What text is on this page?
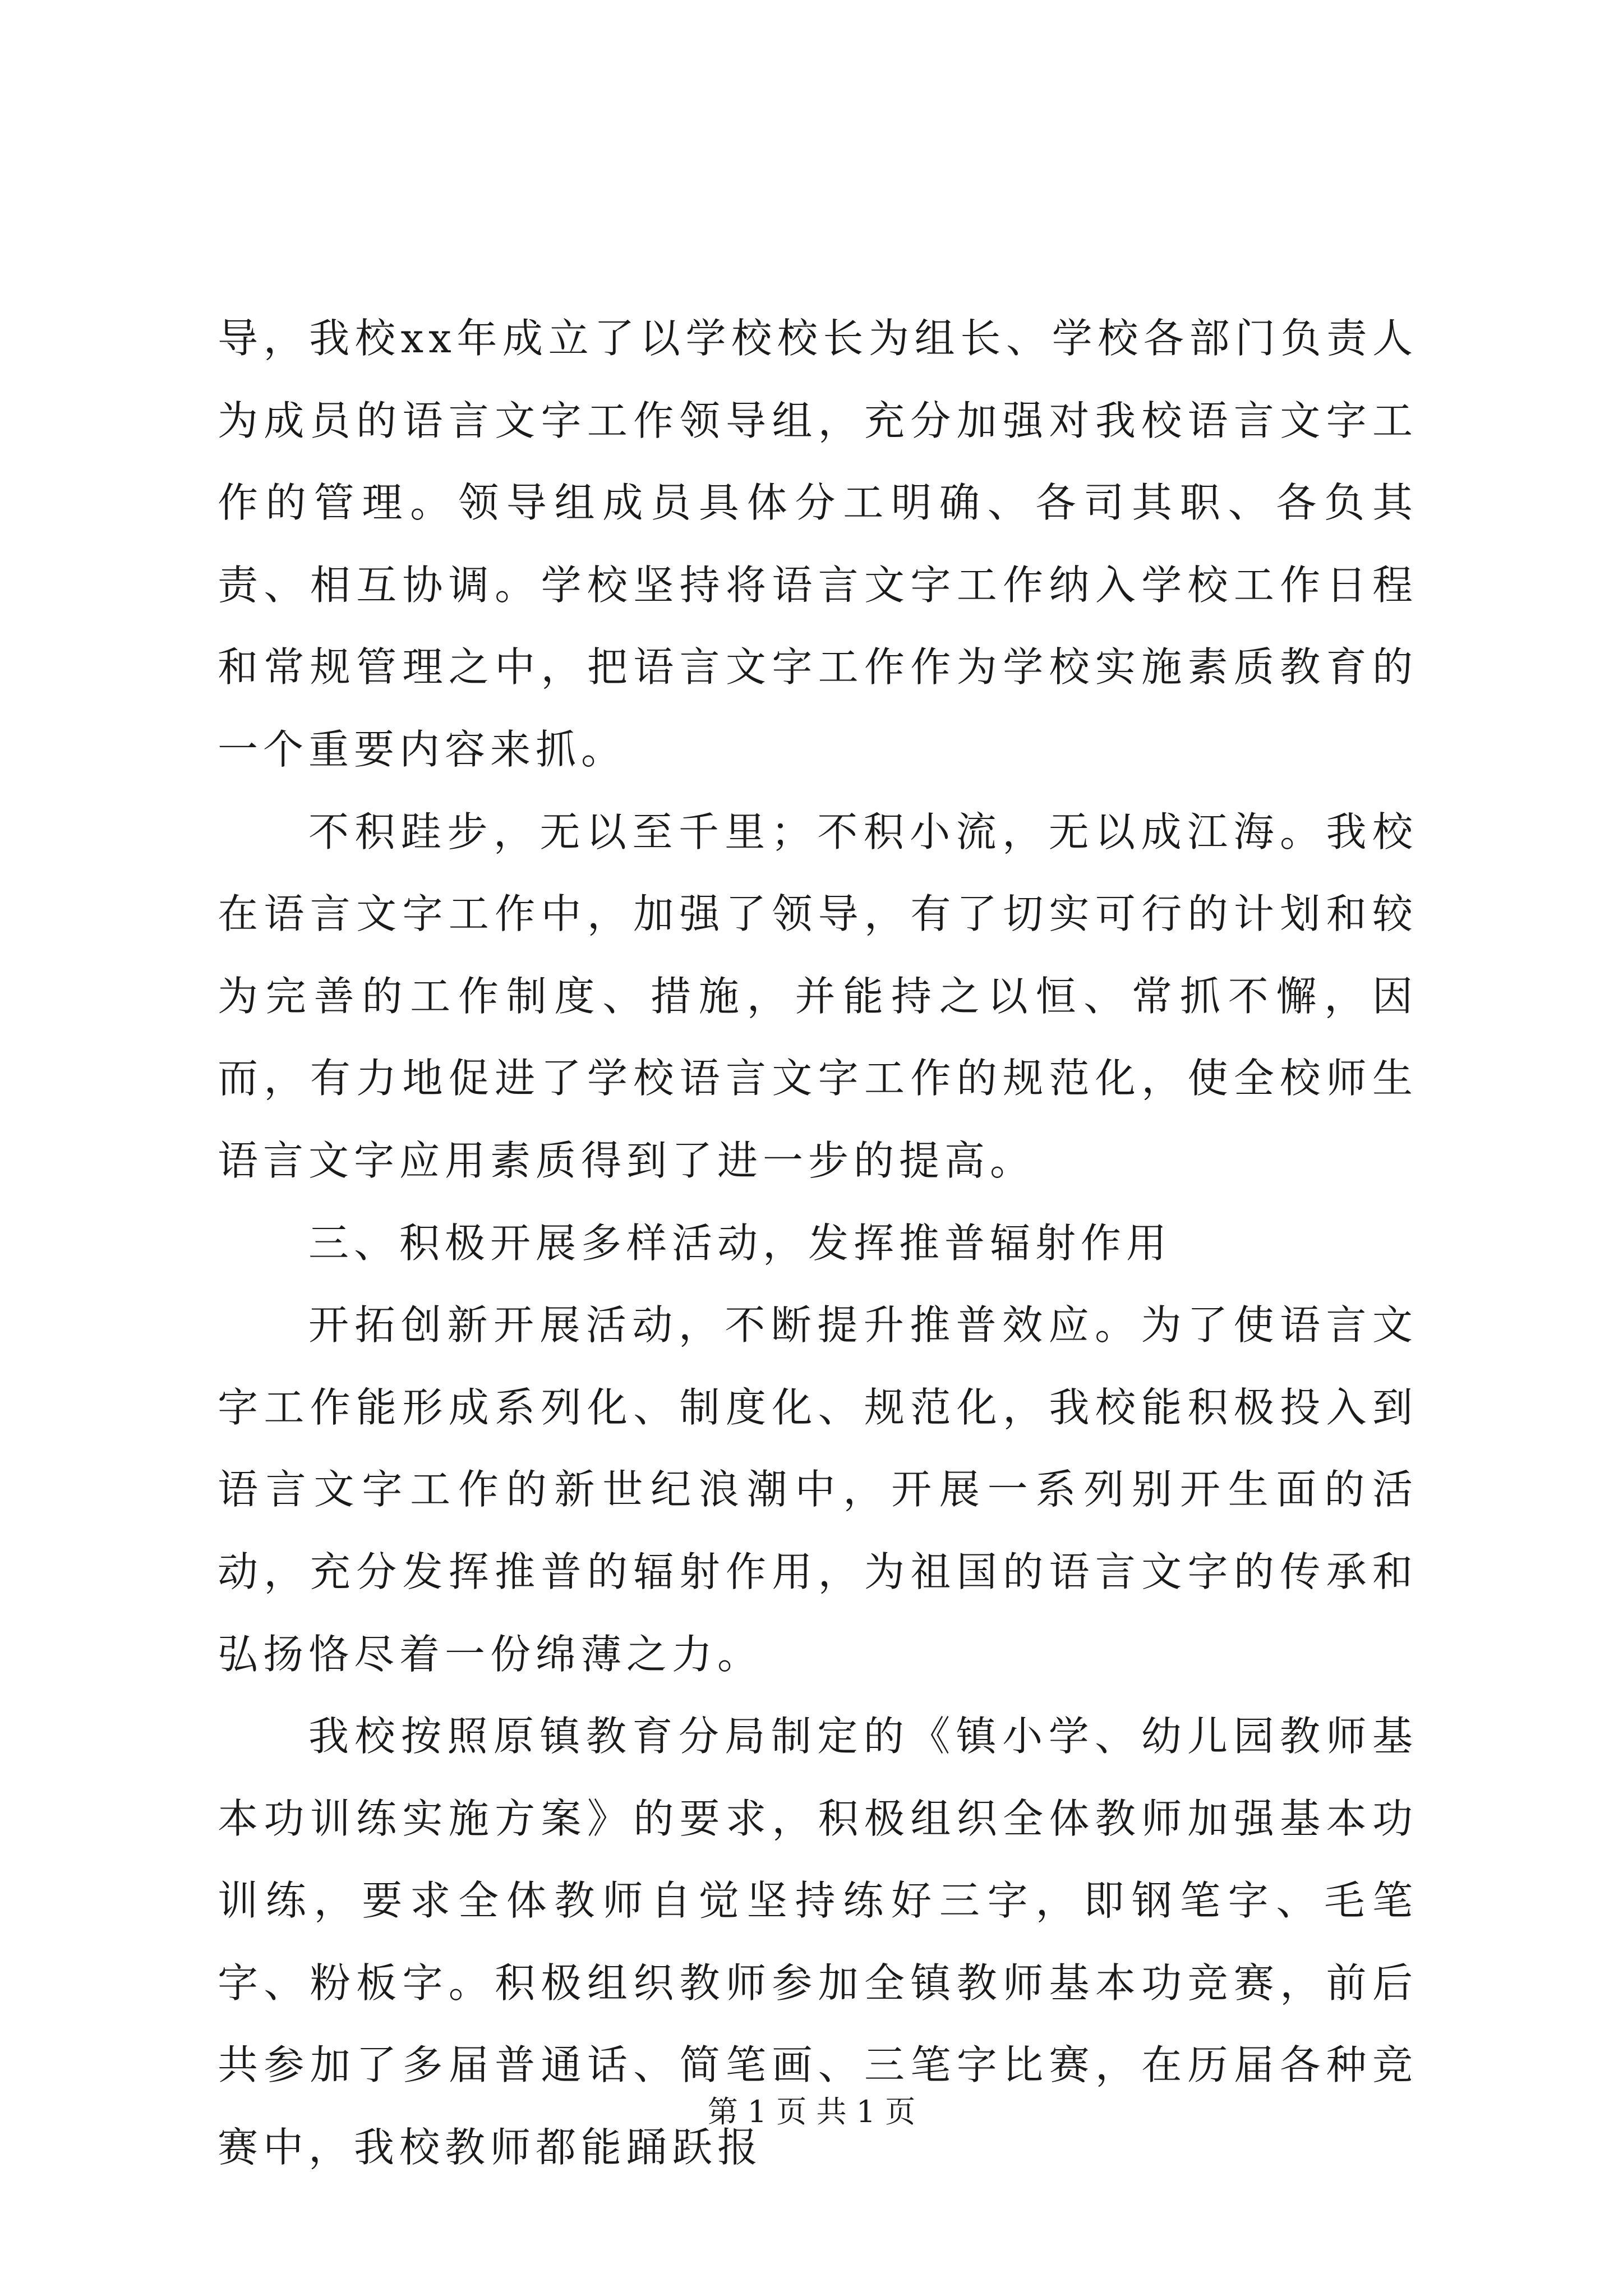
导，我校xx年成立了以学校校长为组长、学校各部门负责人为成员的语言文字工作领导组，充分加强对我校语言文字工作的管理。领导组成员具体分工明确、各司其职、各负其责、相互协调。学校坚持将语言文字工作纳入学校工作日程和常规管理之中，把语言文字工作作为学校实施素质教育的一个重要内容来抓。

不积跬步，无以至千里；不积小流，无以成江海。我校在语言文字工作中，加强了领导，有了切实可行的计划和较为完善的工作制度、措施，并能持之以恒、常抓不懈，因而，有力地促进了学校语言文字工作的规范化，使全校师生语言文字应用素质得到了进一步的提高。

三、积极开展多样活动，发挥推普辐射作用

开拓创新开展活动，不断提升推普效应。为了使语言文字工作能形成系列化、制度化、规范化，我校能积极投入到语言文字工作的新世纪浪潮中，开展一系列别开生面的活动，充分发挥推普的辐射作用，为祖国的语言文字的传承和弘扬恪尽着一份绵薄之力。

我校按照原镇教育分局制定的《镇小学、幼儿园教师基本功训练实施方案》的要求，积极组织全体教师加强基本功训练，要求全体教师自觉坚持练好三字，即钢笔字、毛笔字、粉板字。积极组织教师参加全镇教师基本功竞赛，前后共参加了多届普通话、简笔画、三笔字比赛，在历届各种竞赛中，我校教师都能踊跃报

第 1 页 共 1 页
